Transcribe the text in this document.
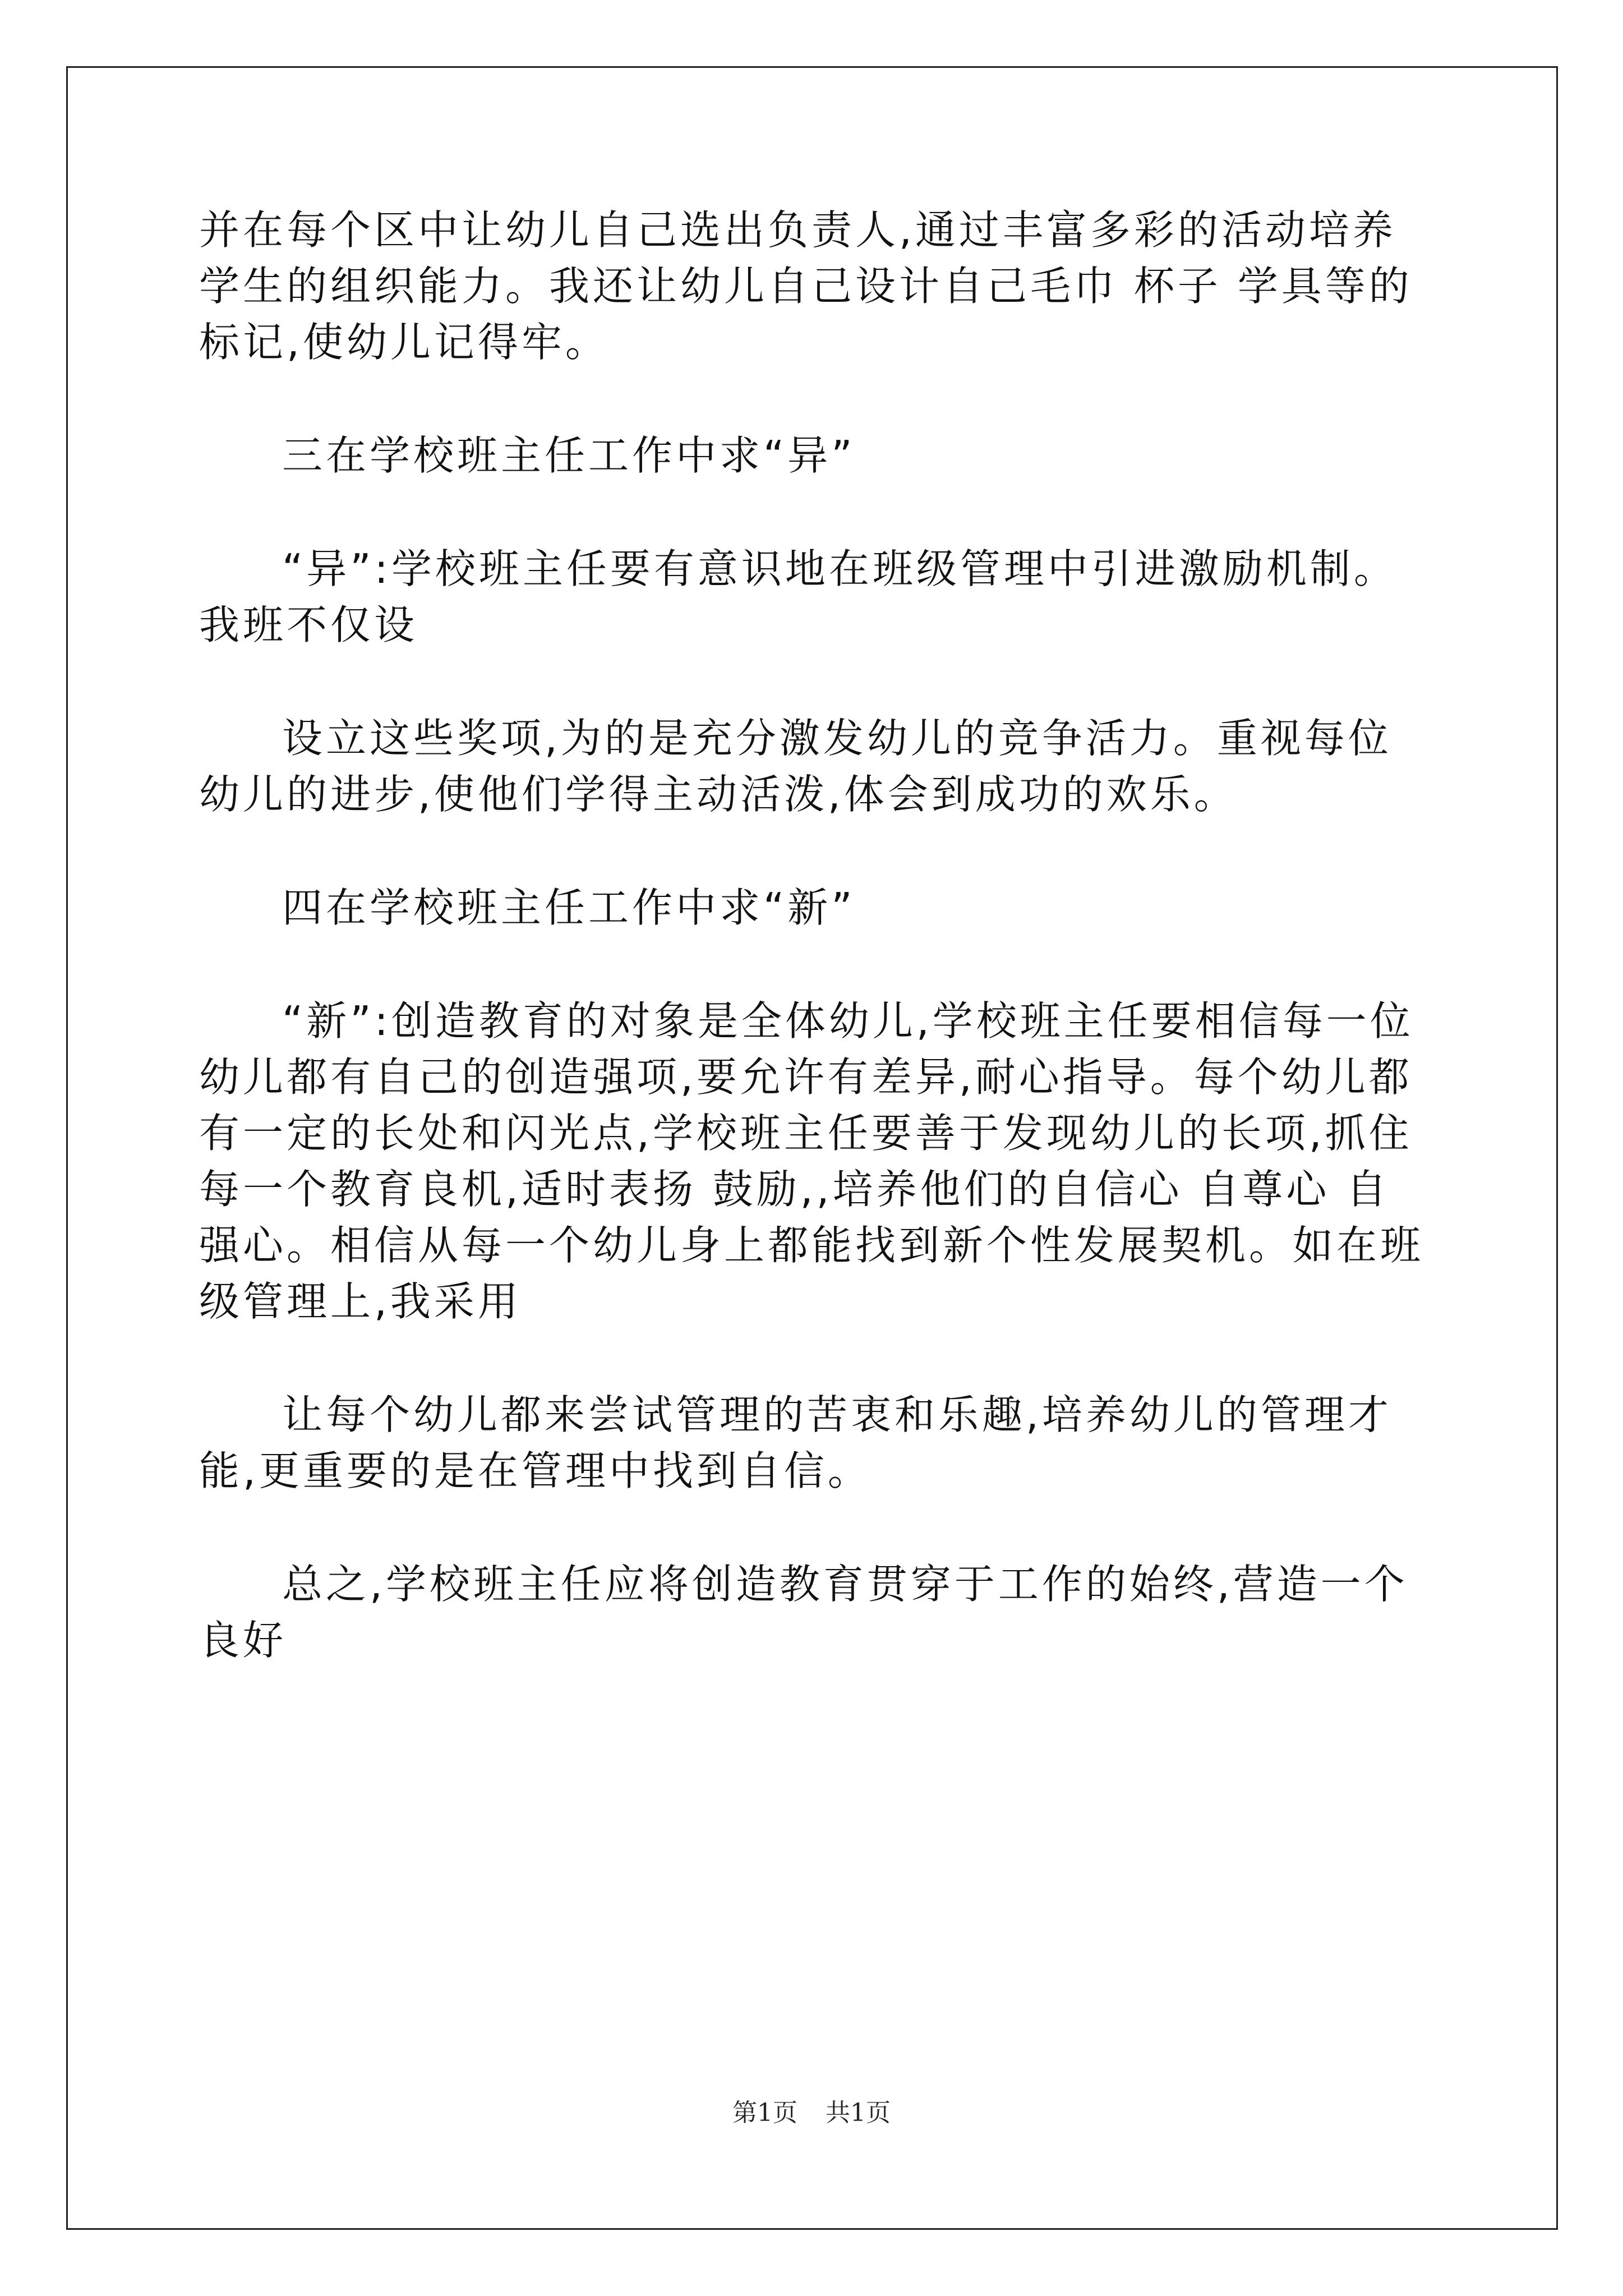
并在每个区中让幼儿自己选出负责人,通过丰富多彩的活动培养学生的组织能力。我还让幼儿自己设计自己毛巾 杯子 学具等的标记,使幼儿记得牢。

三在学校班主任工作中求“异”

“异”:学校班主任要有意识地在班级管理中引进激励机制。我班不仅设

设立这些奖项,为的是充分激发幼儿的竞争活力。重视每位幼儿的进步,使他们学得主动活泼,体会到成功的欢乐。

四在学校班主任工作中求“新”

“新”:创造教育的对象是全体幼儿,学校班主任要相信每一位幼儿都有自己的创造强项,要允许有差异,耐心指导。每个幼儿都有一定的长处和闪光点,学校班主任要善于发现幼儿的长项,抓住每一个教育良机,适时表扬 鼓励,,培养他们的自信心 自尊心 自强心。相信从每一个幼儿身上都能找到新个性发展契机。如在班级管理上,我采用

让每个幼儿都来尝试管理的苦衷和乐趣,培养幼儿的管理才能,更重要的是在管理中找到自信。

总之,学校班主任应将创造教育贯穿于工作的始终,营造一个良好

第1页 共1页
